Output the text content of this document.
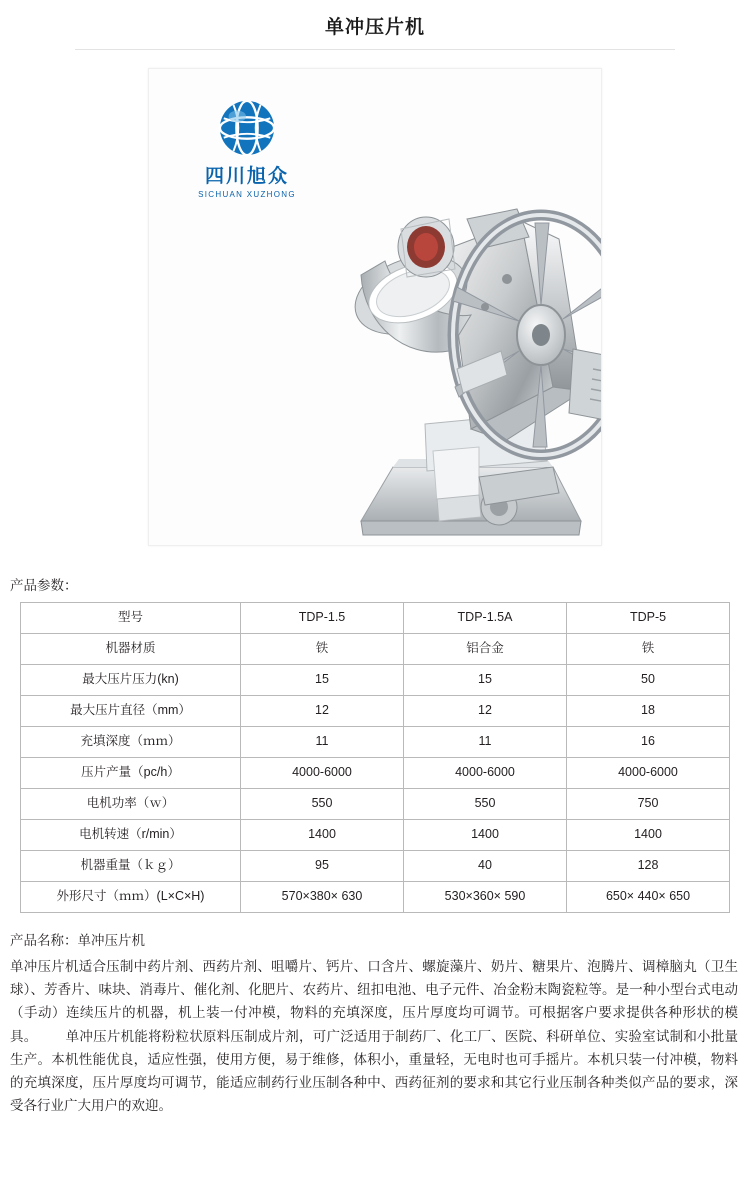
单冲压片机
四川旭众
SICHUAN XUZHONG
产品参数：
型号	TDP-1.5	TDP-1.5A	TDP-5
机器材质	铁	铝合金	铁
最大压片压力(kn)	15	15	50
最大压片直径（mm）	12	12	18
充填深度（ｍｍ）	11	11	16
压片产量（pc/h）	4000-6000	4000-6000	4000-6000
电机功率（ｗ）	550	550	750
电机转速（r/min）	1400	1400	1400
机器重量（ｋｇ）	95	40	128
外形尺寸（ｍｍ）(L×C×H)	570×380× 630	530×360× 590	650× 440× 650
产品名称：单冲压片机
单冲压片机适合压制中药片剂、西药片剂、咀嚼片、钙片、口含片、螺旋藻片、奶片、糖果片、泡腾片、调樟脑丸（卫生球）、芳香片、味块、消毒片、催化剂、化肥片、农药片、纽扣电池、电子元件、冶金粉末陶瓷粒等。是一种小型台式电动（手动）连续压片的机器，机上装一付冲模，物料的充填深度，压片厚度均可调节。可根据客户要求提供各种形状的模具。 单冲压片机能将粉粒状原料压制成片剂，可广泛适用于制药厂、化工厂、医院、科研单位、实验室试制和小批量生产。本机性能优良，适应性强，使用方便，易于维修，体积小，重量轻，无电时也可手摇片。本机只装一付冲模，物料的充填深度，压片厚度均可调节，能适应制药行业压制各种中、西药征剂的要求和其它行业压制各种类似产品的要求，深受各行业广大用户的欢迎。
